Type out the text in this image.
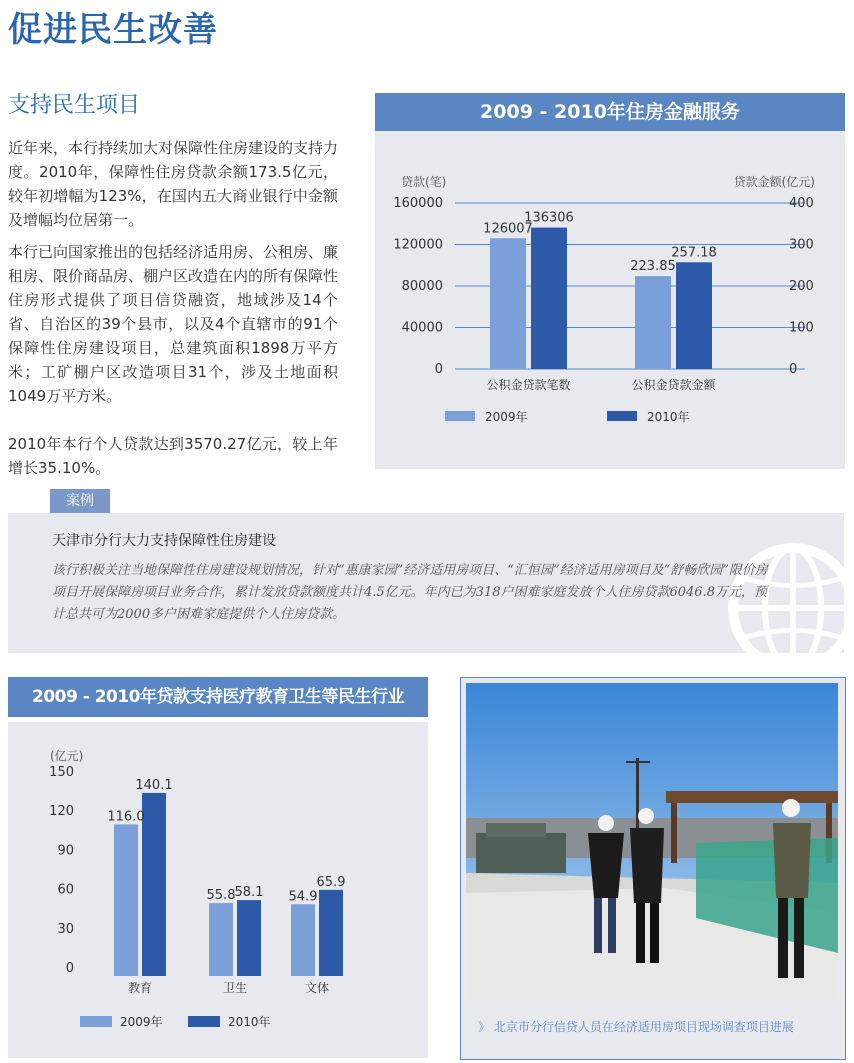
促进民生改善
支持民生项目
近年来，本行持续加大对保障性住房建设的支持力度。2010年，保障性住房贷款余额173.5亿元，较年初增幅为123%，在国内五大商业银行中金额及增幅均位居第一。
本行已向国家推出的包括经济适用房、公租房、廉租房、限价商品房、棚户区改造在内的所有保障性住房形式提供了项目信贷融资，地域涉及14个省、自治区的39个县市，以及4个直辖市的91个保障性住房建设项目，总建筑面积1898万平方米；工矿棚户区改造项目31个，涉及土地面积1049万平方米。
2010年本行个人贷款达到3570.27亿元，较上年增长35.10%。
2009 - 2010年住房金融服务
160000
120000
80000
40000
0
400
300
200
100
0
126007
136306
223.85
257.18
公积金贷款笔数	公积金贷款金额
2009年	2010年
贷款(笔)	贷款金额(亿元)
案例
天津市分行大力支持保障性住房建设
该行积极关注当地保障性住房建设规划情况，针对“惠康家园”经济适用房项目、“汇恒园”经济适用房项目及“舒畅欣园”限价房项目开展保障房项目业务合作，累计发放贷款额度共计4.5亿元。年内已为318户困难家庭发放个人住房贷款6046.8万元，预计总共可为2000多户困难家庭提供个人住房贷款。
2009 - 2010年贷款支持医疗教育卫生等民生行业
150
120
90
60
30
0
116.0
140.1
55.8 58.1 54.9
65.9
教育	卫生	文体
2009年	2010年
(亿元)
》 北京市分行信贷人员在经济适用房项目现场调查项目进展
